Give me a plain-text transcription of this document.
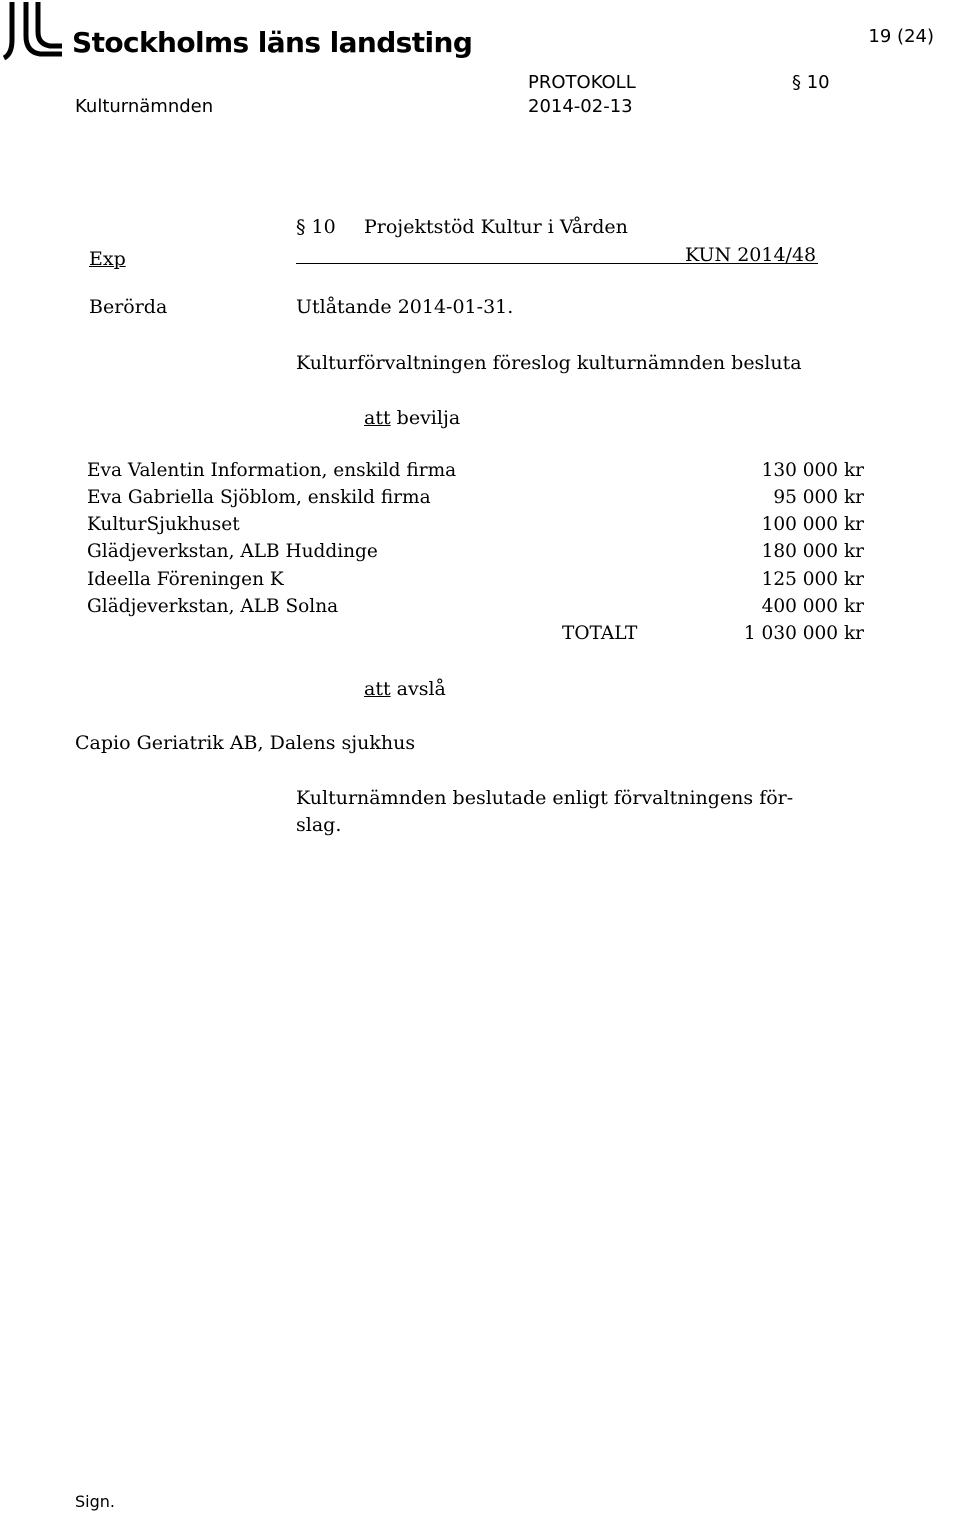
Stockholms läns landsting	19 (24)
PROTOKOLL	§ 10
Kulturnämnden	2014-02-13
§ 10 Projektstöd Kultur i Vården
Exp	KUN 2014/48
Berörda	Utlåtande 2014-01-31.
Kulturförvaltningen föreslog kulturnämnden besluta
att bevilja
Eva Valentin Information, enskild firma	130 000 kr
Eva Gabriella Sjöblom, enskild firma	95 000 kr
KulturSjukhuset	100 000 kr
Glädjeverkstan, ALB Huddinge	180 000 kr
Ideella Föreningen K	125 000 kr
Glädjeverkstan, ALB Solna	400 000 kr
TOTALT	1 030 000 kr
att avslå
Capio Geriatrik AB, Dalens sjukhus
Kulturnämnden beslutade enligt förvaltningens för-
slag.
Sign.
